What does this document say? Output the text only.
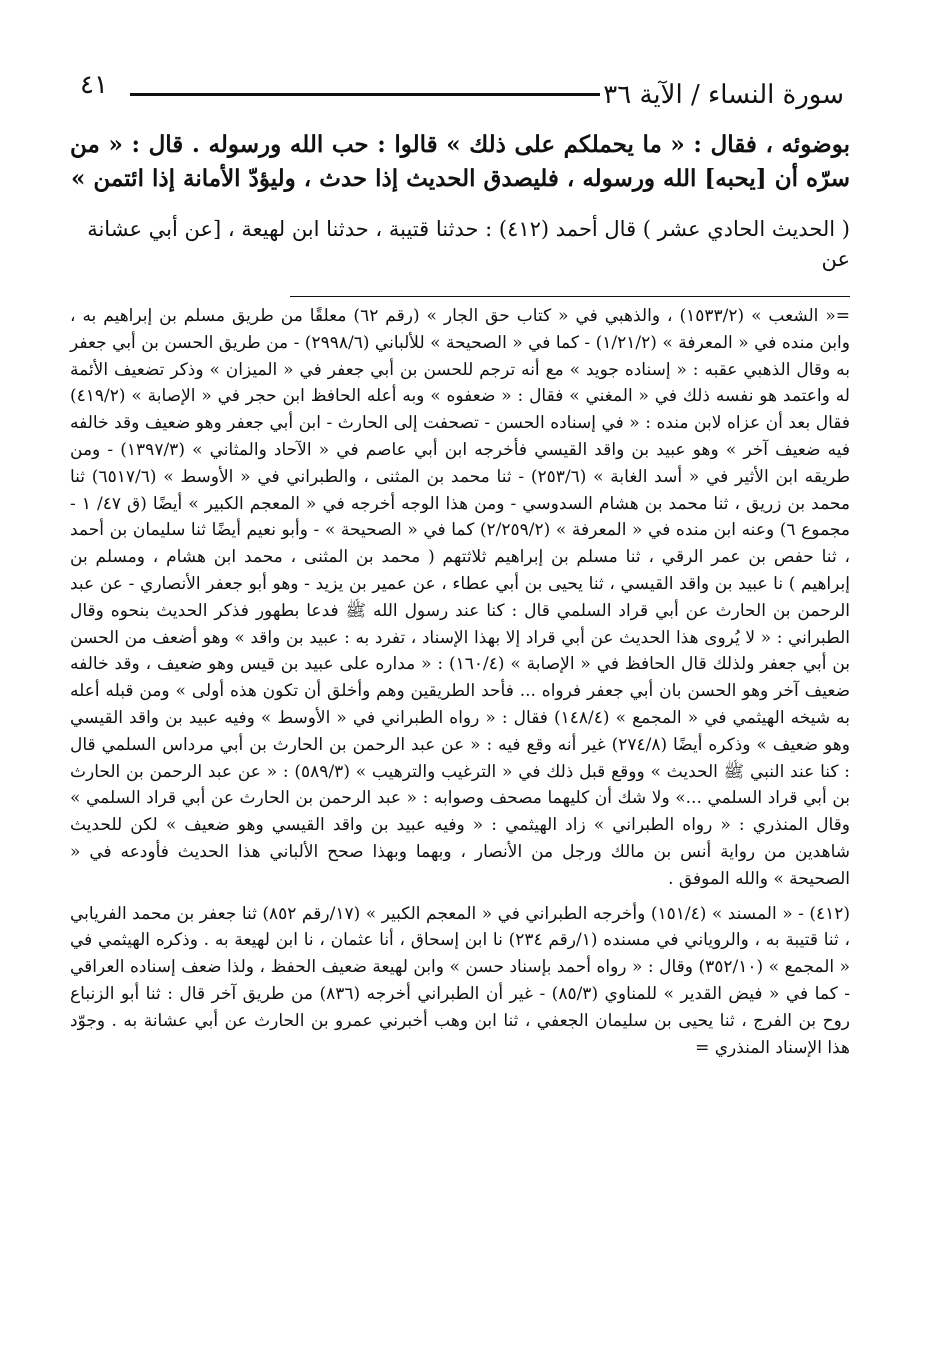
سورة النساء / الآية ٣٦
٤١
بوضوئه ، فقال : « ما يحملكم على ذلك » قالوا : حب الله ورسوله . قال : « من سرّه أن [يحبه] الله ورسوله ، فليصدق الحديث إذا حدث ، وليؤدّ الأمانة إذا ائتمن »
( الحديث الحادي عشر ) قال أحمد (٤١٢) : حدثنا قتيبة ، حدثنا ابن لهيعة ، [عن أبي عشانة عن

=« الشعب » (١٥٣٣/٢) ، والذهبي في « كتاب حق الجار » (رقم ٦٢) معلقًا من طريق مسلم بن إبراهيم به ، وابن منده في « المعرفة » (١/٢١/٢) - كما في « الصحيحة » للألباني (٢٩٩٨/٦) - من طريق الحسن بن أبي جعفر به وقال الذهبي عقبه : « إسناده جويد » مع أنه ترجم للحسن بن أبي جعفر في « الميزان » وذكر تضعيف الأئمة له واعتمد هو نفسه ذلك في « المغني » فقال : « ضعفوه » وبه أعله الحافظ ابن حجر في « الإصابة » (٤١٩/٢) فقال بعد أن عزاه لابن منده : « في إسناده الحسن - تصحفت إلى الحارث - ابن أبي جعفر وهو ضعيف وقد خالفه فيه ضعيف آخر » وهو عبيد بن واقد القيسي فأخرجه ابن أبي عاصم في « الآحاد والمثاني » (١٣٩٧/٣) - ومن طريقه ابن الأثير في « أسد الغابة » (٢٥٣/٦) - ثنا محمد بن المثنى ، والطبراني في « الأوسط » (٦٥١٧/٦) ثنا محمد بن زريق ، ثنا محمد بن هشام السدوسي - ومن هذا الوجه أخرجه في « المعجم الكبير » أيضًا (ق ٤٧/ ١ - مجموع ٦) وعنه ابن منده في « المعرفة » (٢/٢٥٩/٢) كما في « الصحيحة » - وأبو نعيم أيضًا ثنا سليمان بن أحمد ، ثنا حفص بن عمر الرقي ، ثنا مسلم بن إبراهيم ثلاثتهم ( محمد بن المثنى ، محمد ابن هشام ، ومسلم بن إبراهيم ) نا عبيد بن واقد القيسي ، ثنا يحيى بن أبي عطاء ، عن عمير بن يزيد - وهو أبو جعفر الأنصاري - عن عبد الرحمن بن الحارث عن أبي قراد السلمي قال : كنا عند رسول الله ﷺ فدعا بطهور فذكر الحديث بنحوه وقال الطبراني : « لا يُروى هذا الحديث عن أبي قراد إلا بهذا الإسناد ، تفرد به : عبيد بن واقد » وهو أضعف من الحسن بن أبي جعفر ولذلك قال الحافظ في « الإصابة » (١٦٠/٤) : « مداره على عبيد بن قيس وهو ضعيف ، وقد خالفه ضعيف آخر وهو الحسن بان أبي جعفر فرواه ... فأحد الطريقين وهم وأخلق أن تكون هذه أولى » ومن قبله أعله به شيخه الهيثمي في « المجمع » (١٤٨/٤) فقال : « رواه الطبراني في « الأوسط » وفيه عبيد بن واقد القيسي وهو ضعيف » وذكره أيضًا (٢٧٤/٨) غير أنه وقع فيه : « عن عبد الرحمن بن الحارث بن أبي مرداس السلمي قال : كنا عند النبي ﷺ الحديث » ووقع قبل ذلك في « الترغيب والترهيب » (٥٨٩/٣) : « عن عبد الرحمن بن الحارث بن أبي قراد السلمي ...» ولا شك أن كليهما مصحف وصوابه : « عبد الرحمن بن الحارث عن أبي قراد السلمي » وقال المنذري : « رواه الطبراني » زاد الهيثمي : « وفيه عبيد بن واقد القيسي وهو ضعيف » لكن للحديث شاهدين من رواية أنس بن مالك ورجل من الأنصار ، وبهما وبهذا صحح الألباني هذا الحديث فأودعه في « الصحيحة » والله الموفق .

(٤١٢) - « المسند » (١٥١/٤) وأخرجه الطبراني في « المعجم الكبير » (١٧/رقم ٨٥٢) ثنا جعفر بن محمد الفريابي ، ثنا قتيبة به ، والروياني في مسنده (١/رقم ٢٣٤) نا ابن إسحاق ، أنا عثمان ، نا ابن لهيعة به . وذكره الهيثمي في « المجمع » (٣٥٢/١٠) وقال : « رواه أحمد بإسناد حسن » وابن لهيعة ضعيف الحفظ ، ولذا ضعف إسناده العراقي - كما في « فيض القدير » للمناوي (٨٥/٣) - غير أن الطبراني أخرجه (٨٣٦) من طريق آخر قال : ثنا أبو الزنباع روح بن الفرج ، ثنا يحيى بن سليمان الجعفي ، ثنا ابن وهب أخبرني عمرو بن الحارث عن أبي عشانة به . وجوّد هذا الإسناد المنذري =
